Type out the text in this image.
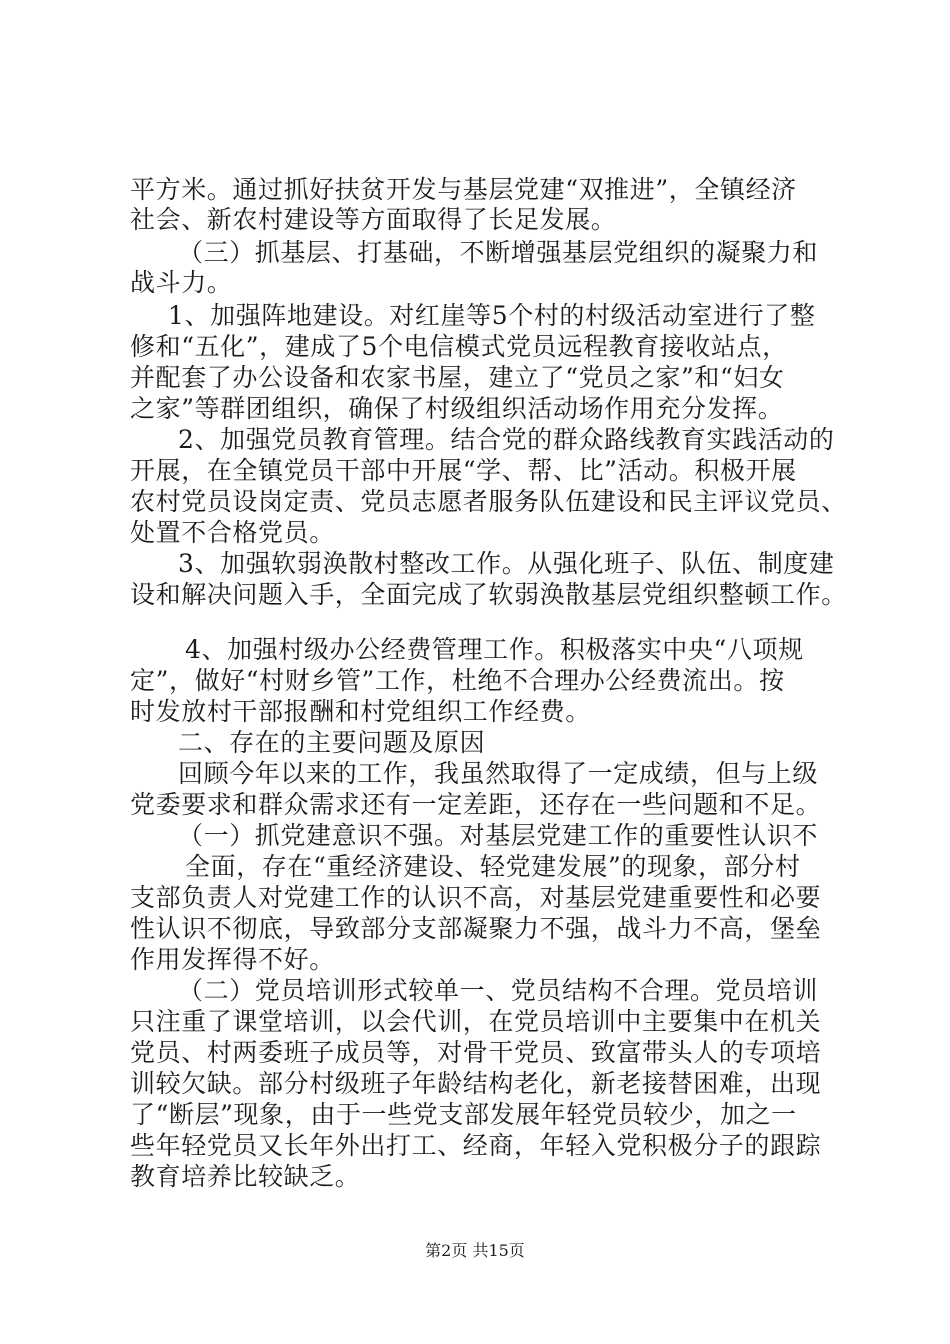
平方米。通过抓好扶贫开发与基层党建“双推进”，全镇经济
社会、新农村建设等方面取得了长足发展。
（三）抓基层、打基础，不断增强基层党组织的凝聚力和
战斗力。
1、加强阵地建设。对红崖等5个村的村级活动室进行了整
修和“五化”，建成了5个电信模式党员远程教育接收站点，
并配套了办公设备和农家书屋，建立了“党员之家”和“妇女
之家”等群团组织，确保了村级组织活动场作用充分发挥。
2、加强党员教育管理。结合党的群众路线教育实践活动的
开展，在全镇党员干部中开展“学、帮、比”活动。积极开展
农村党员设岗定责、党员志愿者服务队伍建设和民主评议党员、
处置不合格党员。
3、加强软弱涣散村整改工作。从强化班子、队伍、制度建
设和解决问题入手，全面完成了软弱涣散基层党组织整顿工作。
4、加强村级办公经费管理工作。积极落实中央“八项规
定”，做好“村财乡管”工作，杜绝不合理办公经费流出。按
时发放村干部报酬和村党组织工作经费。
二、存在的主要问题及原因
回顾今年以来的工作，我虽然取得了一定成绩，但与上级
党委要求和群众需求还有一定差距，还存在一些问题和不足。
（一）抓党建意识不强。对基层党建工作的重要性认识不
全面，存在“重经济建设、轻党建发展”的现象，部分村
支部负责人对党建工作的认识不高，对基层党建重要性和必要
性认识不彻底，导致部分支部凝聚力不强，战斗力不高，堡垒
作用发挥得不好。
（二）党员培训形式较单一、党员结构不合理。党员培训
只注重了课堂培训，以会代训，在党员培训中主要集中在机关
党员、村两委班子成员等，对骨干党员、致富带头人的专项培
训较欠缺。部分村级班子年龄结构老化，新老接替困难，出现
了“断层”现象，由于一些党支部发展年轻党员较少，加之一
些年轻党员又长年外出打工、经商，年轻入党积极分子的跟踪
教育培养比较缺乏。
第2页 共15页
